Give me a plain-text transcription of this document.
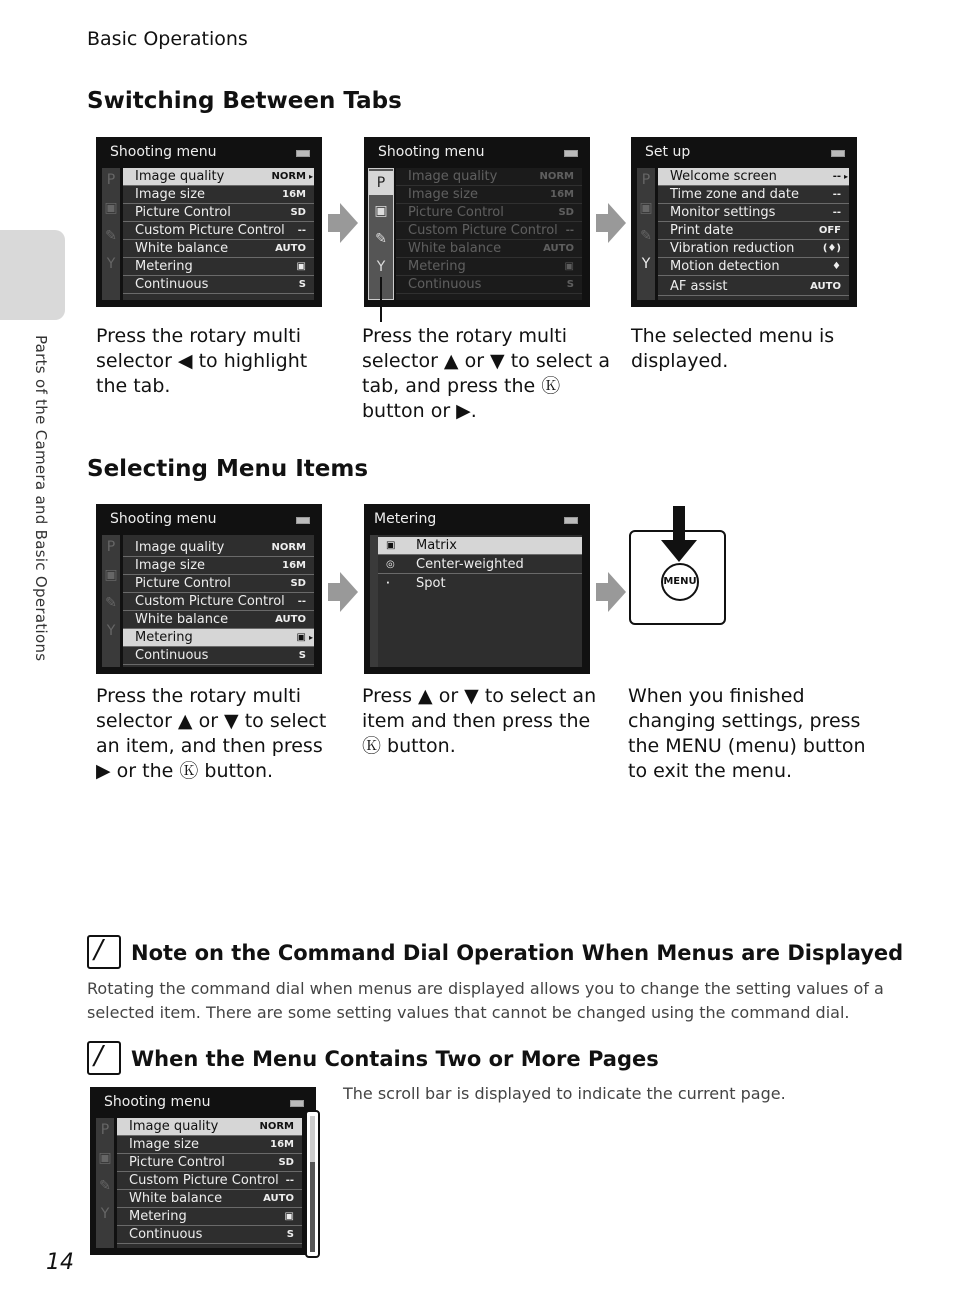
Basic Operations
Parts of the Camera and Basic Operations
14
Switching Between Tabs
Shooting menu
P
▣
✎
Y
Image quality	NORM ▸
Image size	16M
Picture Control	SD
Custom Picture Control --
White balance	AUTO
Metering	▣
Continuous	S
Shooting menu
P
▣
✎
Y
Image quality	NORM
Image size	16M
Picture Control	SD
Custom Picture Control --
White balance	AUTO
Metering	▣
Continuous	S
Set up
P
▣
✎
Y
Welcome screen	-- ▸
Time zone and date	--
Monitor settings	--
Print date	OFF
Vibration reduction	(♦)
Motion detection	♦
AF assist	AUTO
Press the rotary multi selector ◀ to highlight the tab.
Press the rotary multi selector ▲ or ▼ to select a tab, and press the Ⓚ button or ▶.
The selected menu is displayed.
Selecting Menu Items
Shooting menu
P
▣
✎
Y
Image quality	NORM
Image size	16M
Picture Control	SD
Custom Picture Control --
White balance	AUTO
Metering	▣ ▸
Continuous	S
Metering
▣ Matrix
◎ Center-weighted
· Spot	MENU
Press the rotary multi selector ▲ or ▼ to select an item, and then press ▶ or the Ⓚ button.
Press ▲ or ▼ to select an item and then press the Ⓚ button.
When you finished changing settings, press the MENU (menu) button to exit the menu.
/ Note on the Command Dial Operation When Menus are Displayed
Rotating the command dial when menus are displayed allows you to change the setting values of a selected item. There are some setting values that cannot be changed using the command dial.
/ When the Menu Contains Two or More Pages
The scroll bar is displayed to indicate the current page.
Shooting menu
P
▣
✎
Y
Image quality	NORM
Image size	16M
Picture Control	SD
Custom Picture Control --
White balance	AUTO
Metering	▣
Continuous	S
